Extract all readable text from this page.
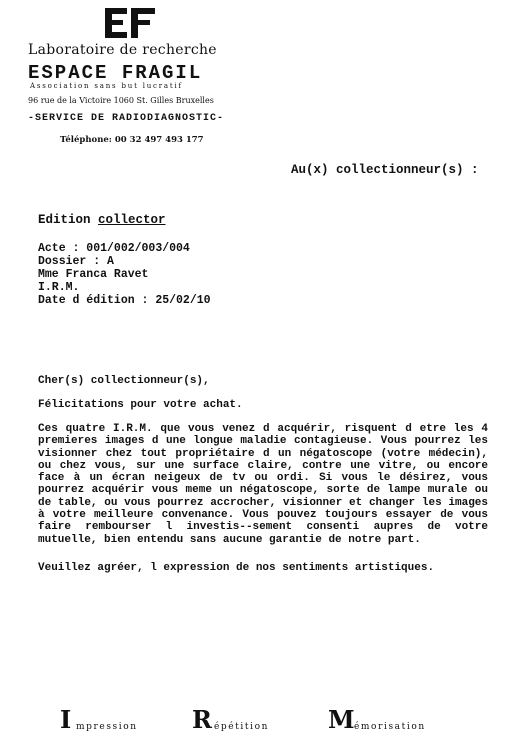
Laboratoire de recherche
ESPACE FRAGIL
Association sans but lucratif
96 rue de la Victoire 1060 St. Gilles Bruxelles
-SERVICE DE RADIODIAGNOSTIC-
Téléphone: 00 32 497 493 177
Au(x) collectionneur(s) :
Edition collector
Acte : 001/002/003/004
Dossier : A
Mme Franca Ravet
I.R.M.
Date d édition : 25/02/10

Cher(s) collectionneur(s),

Félicitations pour votre achat.

Ces quatre I.R.M. que vous venez d acquérir, risquent d etre les 4 premieres images d une longue maladie contagieuse. Vous pourrez les visionner chez tout propriétaire d un négatoscope (votre médecin), ou chez vous, sur une surface claire, contre une vitre, ou encore face à un écran neigeux de tv ou ordi. Si vous le désirez, vous pourrez acquérir vous meme un négatoscope, sorte de lampe murale ou de table, ou vous pourrez accrocher, visionner et changer les images à votre meilleure convenance. Vous pouvez toujours essayer de vous faire rembourser l investis--sement consenti aupres de votre mutuelle, bien entendu sans aucune garantie de notre part.

Veuillez agréer, l expression de nos sentiments artistiques.

I mpression R épétition M émorisation
